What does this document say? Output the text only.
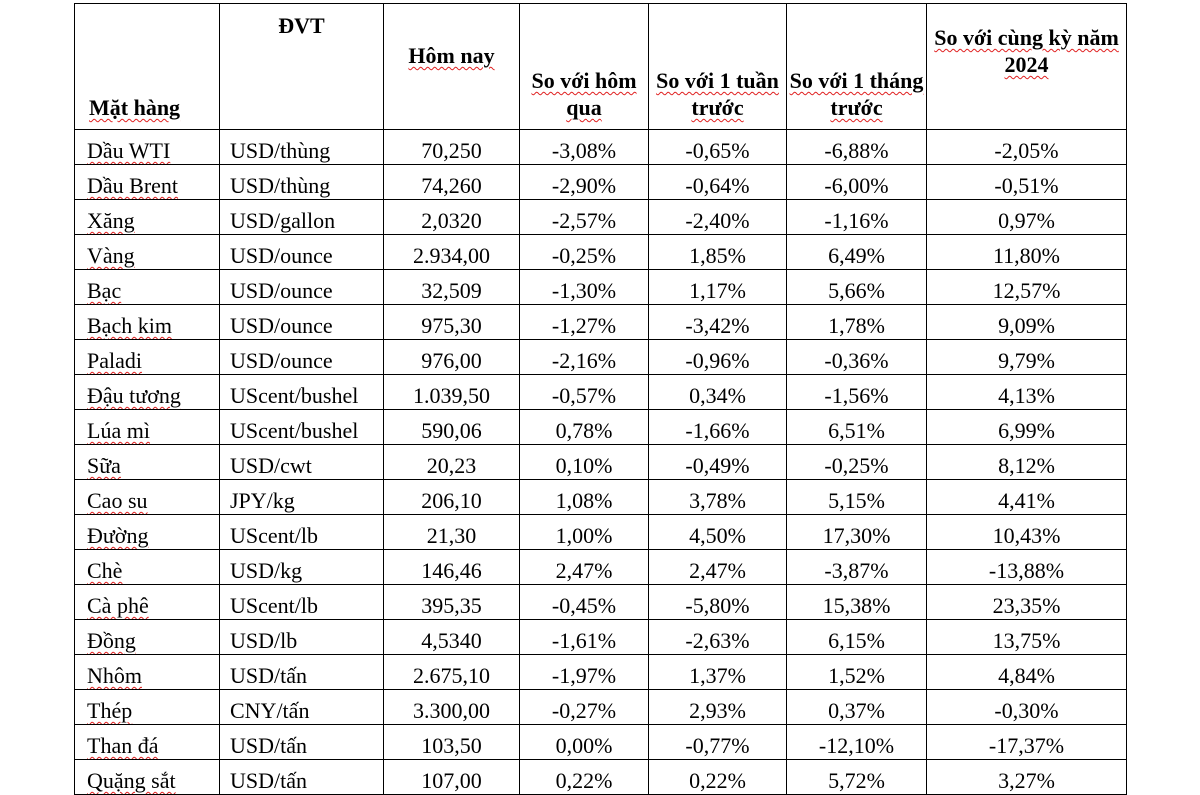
Mặt hàng	ĐVT	Hôm nay	So với hôm qua	So với 1 tuần trước	So với 1 tháng trước	So với cùng kỳ năm 2024
Dầu WTI	USD/thùng	70,250	-3,08%	-0,65%	-6,88%	-2,05%
Dầu Brent	USD/thùng	74,260	-2,90%	-0,64%	-6,00%	-0,51%
Xăng	USD/gallon	2,0320	-2,57%	-2,40%	-1,16%	0,97%
Vàng	USD/ounce	2.934,00	-0,25%	1,85%	6,49%	11,80%
Bạc	USD/ounce	32,509	-1,30%	1,17%	5,66%	12,57%
Bạch kim	USD/ounce	975,30	-1,27%	-3,42%	1,78%	9,09%
Paladi	USD/ounce	976,00	-2,16%	-0,96%	-0,36%	9,79%
Đậu tương	UScent/bushel	1.039,50	-0,57%	0,34%	-1,56%	4,13%
Lúa mì	UScent/bushel	590,06	0,78%	-1,66%	6,51%	6,99%
Sữa	USD/cwt	20,23	0,10%	-0,49%	-0,25%	8,12%
Cao su	JPY/kg	206,10	1,08%	3,78%	5,15%	4,41%
Đường	UScent/lb	21,30	1,00%	4,50%	17,30%	10,43%
Chè	USD/kg	146,46	2,47%	2,47%	-3,87%	-13,88%
Cà phê	UScent/lb	395,35	-0,45%	-5,80%	15,38%	23,35%
Đồng	USD/lb	4,5340	-1,61%	-2,63%	6,15%	13,75%
Nhôm	USD/tấn	2.675,10	-1,97%	1,37%	1,52%	4,84%
Thép	CNY/tấn	3.300,00	-0,27%	2,93%	0,37%	-0,30%
Than đá	USD/tấn	103,50	0,00%	-0,77%	-12,10%	-17,37%
Quặng sắt	USD/tấn	107,00	0,22%	0,22%	5,72%	3,27%
